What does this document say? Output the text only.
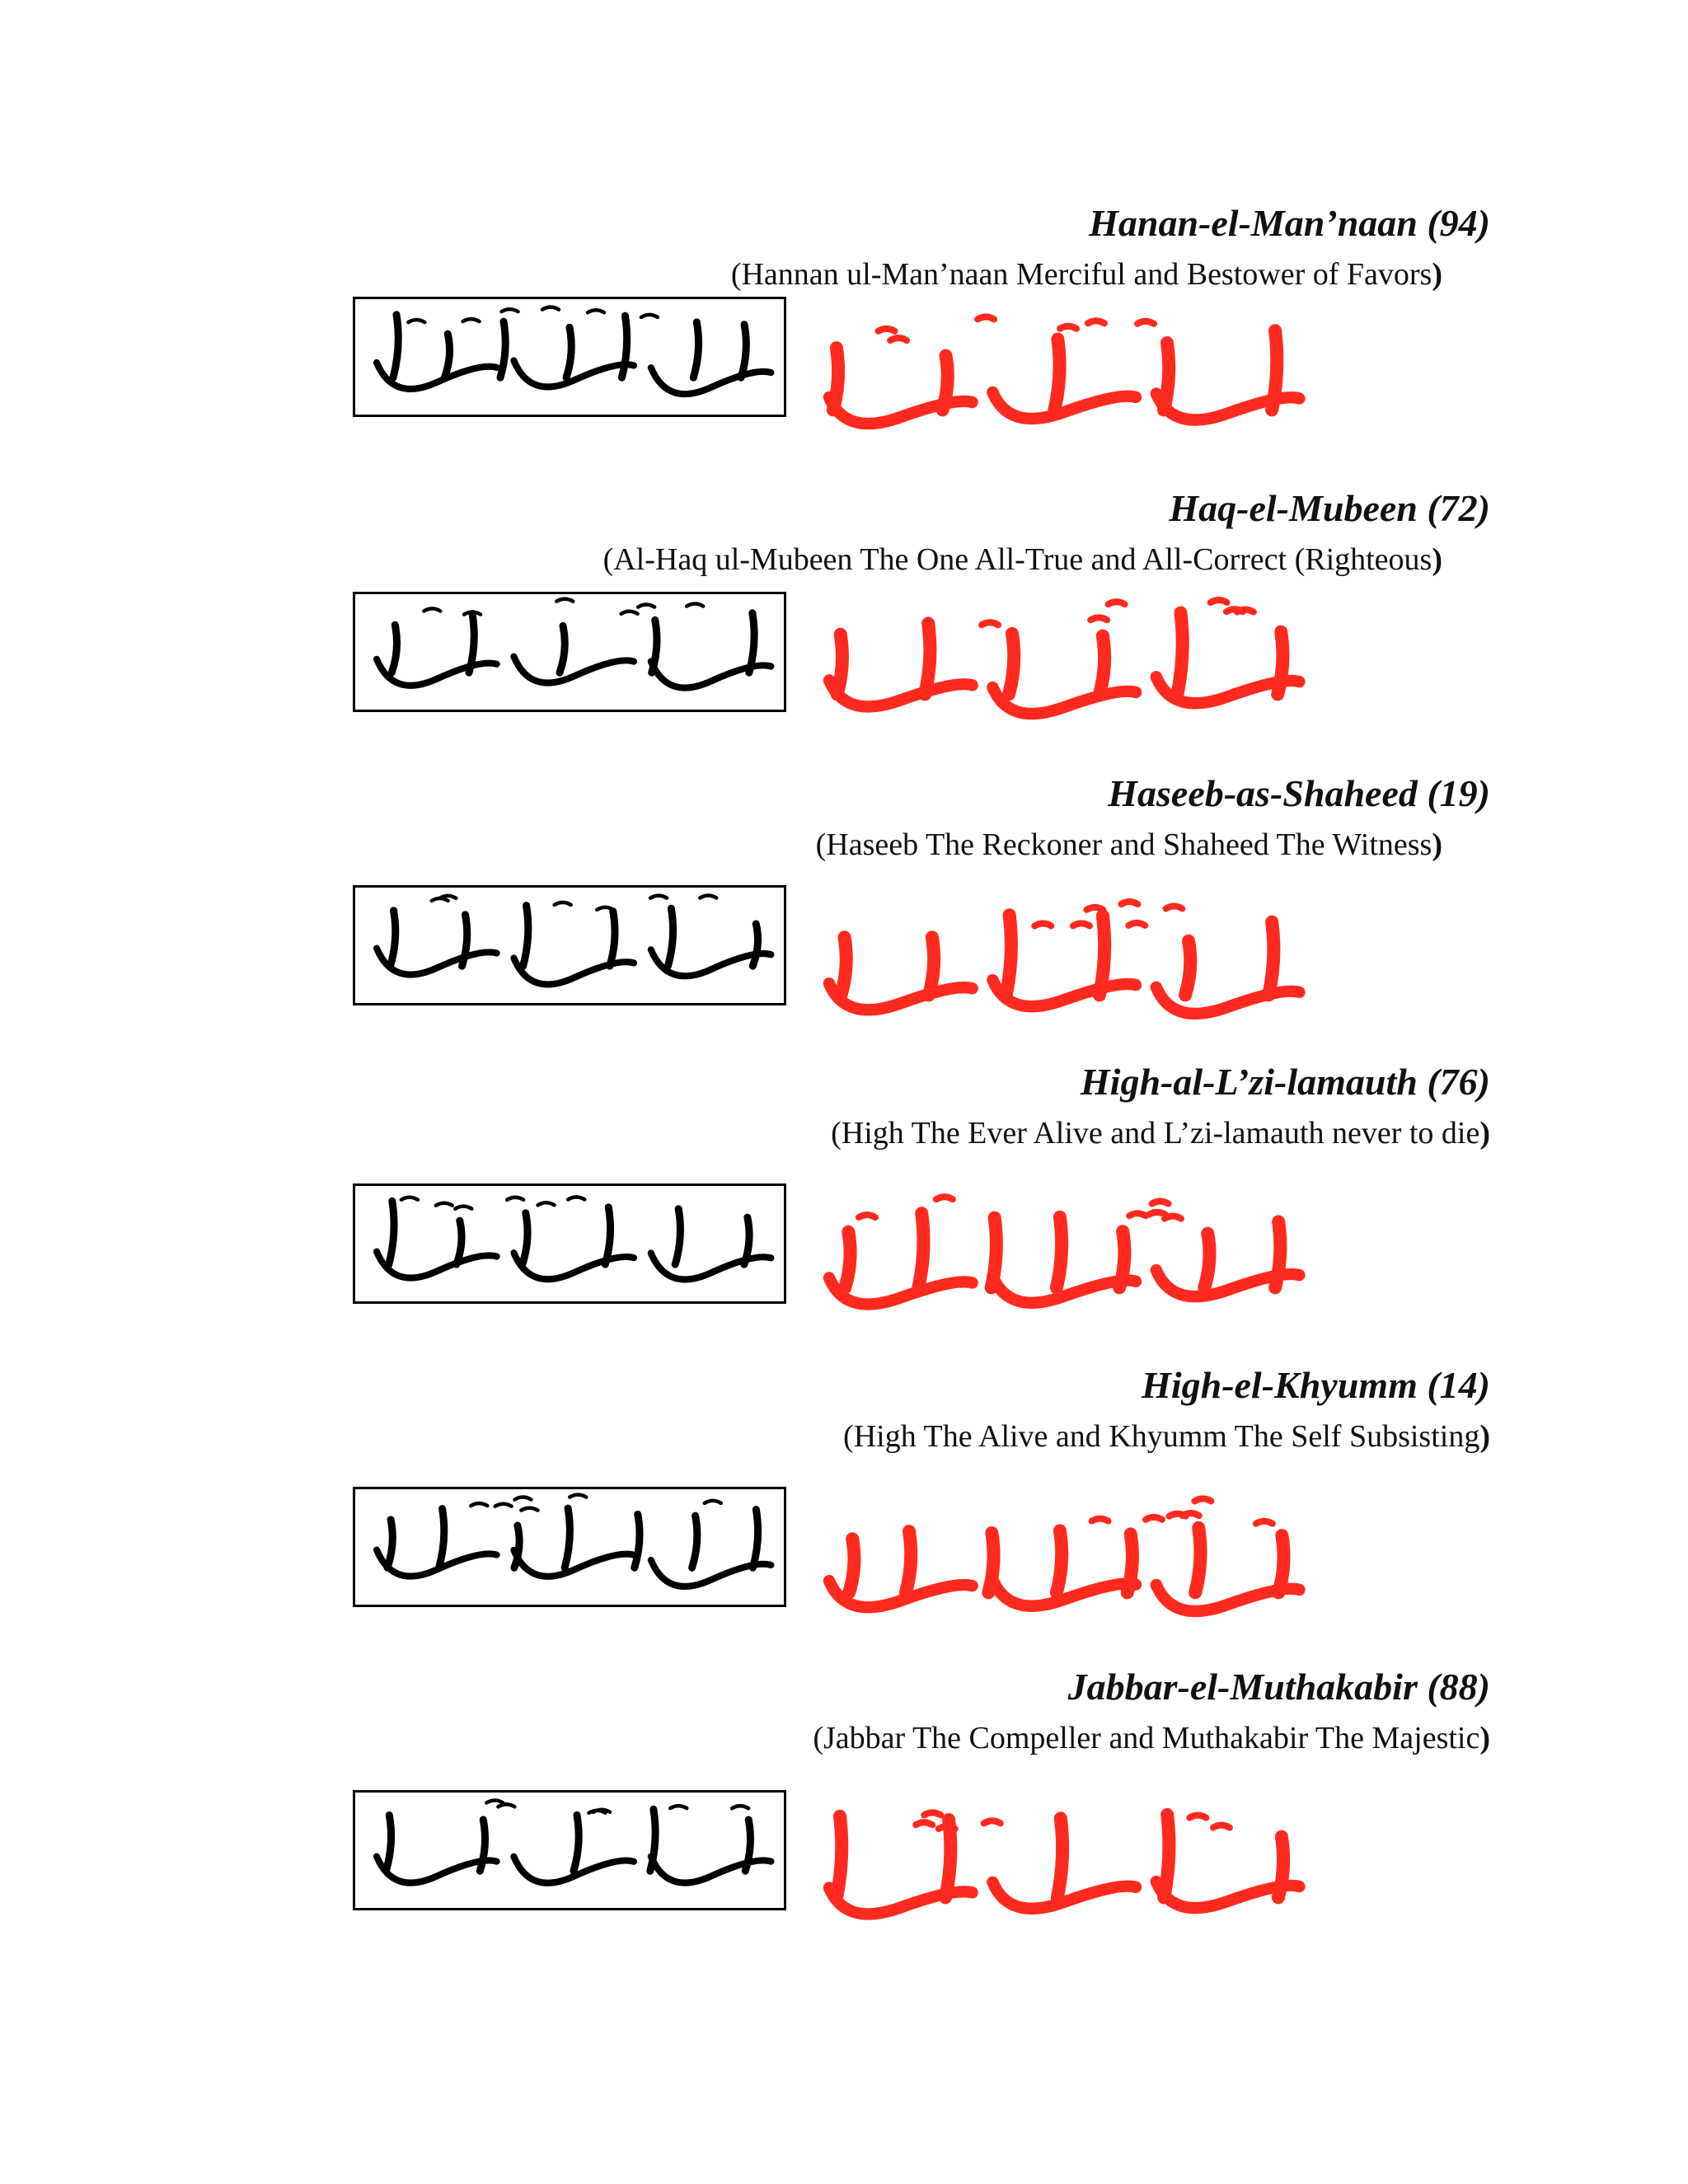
Hanan-el-Man’naan (94)
(Hannan ul-Man’naan Merciful and Bestower of Favors)
Haq-el-Mubeen (72)
(Al-Haq ul-Mubeen The One All-True and All-Correct (Righteous)
Haseeb-as-Shaheed (19)
(Haseeb The Reckoner and Shaheed The Witness)
High-al-L’zi-lamauth (76)
(High The Ever Alive and L’zi-lamauth never to die)
High-el-Khyumm (14)
(High The Alive and Khyumm The Self Subsisting)
Jabbar-el-Muthakabir (88)
(Jabbar The Compeller and Muthakabir The Majestic)
